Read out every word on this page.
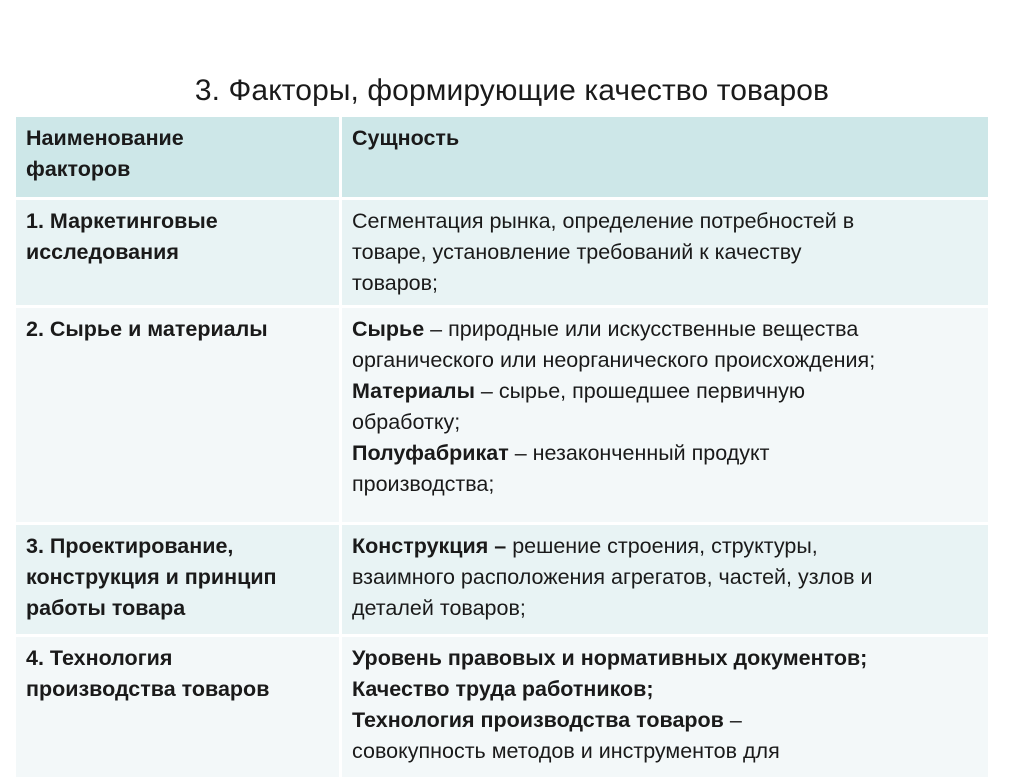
3. Факторы, формирующие качество товаров
Наименование
факторов
Сущность
1. Маркетинговые
исследования
Сегментация рынка, определение потребностей в
товаре, установление требований к качеству
товаров;
2. Сырье и материалы	Сырье – природные или искусственные вещества
органического или неорганического происхождения;
Материалы – сырье, прошедшее первичную
обработку;
Полуфабрикат – незаконченный продукт
производства;
3. Проектирование,
конструкция и принцип
работы товара
Конструкция – решение строения, структуры,
взаимного расположения агрегатов, частей, узлов и
деталей товаров;
4. Технология
производства товаров
Уровень правовых и нормативных документов;
Качество труда работников;
Технология производства товаров –
совокупность методов и инструментов для
